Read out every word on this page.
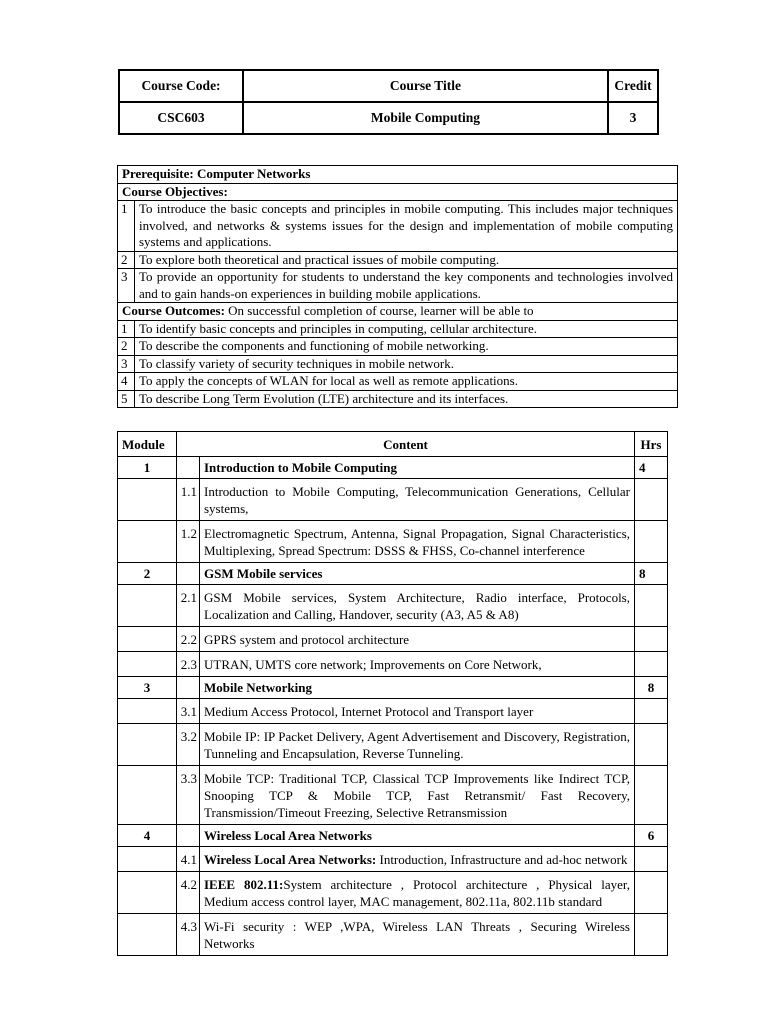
Course Code:	Course Title	Credit
CSC603	Mobile Computing	3
Prerequisite: Computer Networks	
Course Objectives:	
1	To introduce the basic concepts and principles in mobile computing. This includes major techniques involved, and networks & systems issues for the design and implementation of mobile computing systems and applications.
2	To explore both theoretical and practical issues of mobile computing.
3	To provide an opportunity for students to understand the key components and technologies involved and to gain hands-on experiences in building mobile applications.
Course Outcomes: On successful completion of course, learner will be able to	
1	To identify basic concepts and principles in computing, cellular architecture.
2	To describe the components and functioning of mobile networking.
3	To classify variety of security techniques in mobile network.
4	To apply the concepts of WLAN for local as well as remote applications.
5	To describe Long Term Evolution (LTE) architecture and its interfaces.
Module	Content		Hrs
1		Introduction to Mobile Computing	4
	1.1	Introduction to Mobile Computing, Telecommunication Generations, Cellular systems,	
	1.2	Electromagnetic Spectrum, Antenna, Signal Propagation, Signal Characteristics, Multiplexing, Spread Spectrum: DSSS & FHSS, Co-channel interference	
2		GSM Mobile services	8
	2.1	GSM Mobile services, System Architecture, Radio interface, Protocols, Localization and Calling, Handover, security (A3, A5 & A8)	
	2.2	GPRS system and protocol architecture	
	2.3	UTRAN, UMTS core network; Improvements on Core Network,	
3		Mobile Networking	8
	3.1	Medium Access Protocol, Internet Protocol and Transport layer	
	3.2	Mobile IP: IP Packet Delivery, Agent Advertisement and Discovery, Registration, Tunneling and Encapsulation, Reverse Tunneling.	
	3.3	Mobile TCP: Traditional TCP, Classical TCP Improvements like Indirect TCP, Snooping TCP & Mobile TCP, Fast Retransmit/ Fast Recovery, Transmission/Timeout Freezing, Selective Retransmission	
4		Wireless Local Area Networks	6
	4.1	Wireless Local Area Networks: Introduction, Infrastructure and ad-hoc network	
	4.2	IEEE 802.11:System architecture , Protocol architecture , Physical layer, Medium access control layer, MAC management, 802.11a, 802.11b standard	
	4.3	Wi-Fi security : WEP ,WPA, Wireless LAN Threats , Securing Wireless Networks	
